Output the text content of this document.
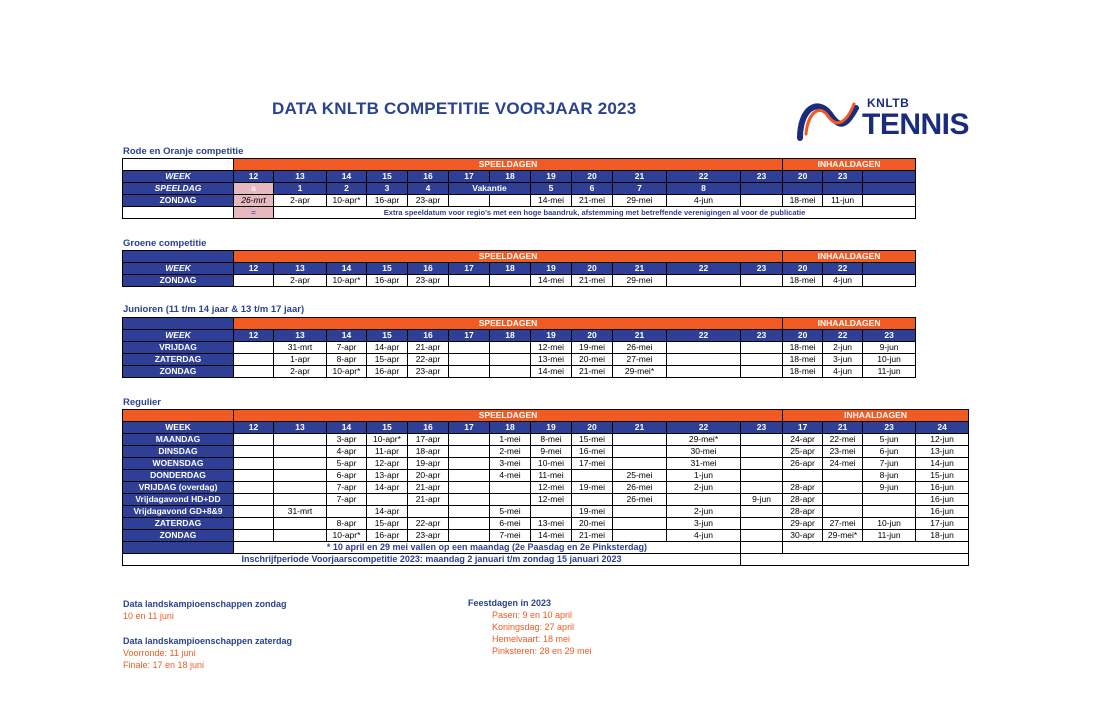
DATA KNLTB COMPETITIE VOORJAAR 2023	KNLTB
TENNIS
Rode en Oranje competitie
	SPEELDAGEN												INHAALDAGEN		
WEEK	12	13	14	15	16	17	18	19	20	21	22	23	20	23	
SPEELDAG	a	1	2	3	4	Vakantie		5	6	7	8				
ZONDAG	26-mrt	2-apr	10-apr*	16-apr	23-apr			14-mei	21-mei	29-mei	4-jun		18-mei	11-jun	
	=	Extra speeldatum voor regio's met een hoge baandruk, afstemming met betreffende verenigingen al voor de publicatie													
Groene competitie
	SPEELDAGEN												INHAALDAGEN		
WEEK	12	13	14	15	16	17	18	19	20	21	22	23	20	22	
ZONDAG		2-apr	10-apr*	16-apr	23-apr			14-mei	21-mei	29-mei			18-mei	4-jun	
Junioren (11 t/m 14 jaar & 13 t/m 17 jaar)
	SPEELDAGEN												INHAALDAGEN		
WEEK	12	13	14	15	16	17	18	19	20	21	22	23	20	22	23
VRIJDAG		31-mrt	7-apr	14-apr	21-apr			12-mei	19-mei	26-mei			18-mei	2-jun	9-jun
ZATERDAG		1-apr	8-apr	15-apr	22-apr			13-mei	20-mei	27-mei			18-mei	3-jun	10-jun
ZONDAG		2-apr	10-apr*	16-apr	23-apr			14-mei	21-mei	29-mei*			18-mei	4-jun	11-jun
Regulier
	SPEELDAGEN												INHAALDAGEN			
WEEK	12	13	14	15	16	17	18	19	20	21	22	23	17	21	23	24
MAANDAG			3-apr	10-apr*	17-apr		1-mei	8-mei	15-mei		29-mei*		24-apr	22-mei	5-jun	12-jun
DINSDAG			4-apr	11-apr	18-apr		2-mei	9-mei	16-mei		30-mei		25-apr	23-mei	6-jun	13-jun
WOENSDAG			5-apr	12-apr	19-apr		3-mei	10-mei	17-mei		31-mei		26-apr	24-mei	7-jun	14-jun
DONDERDAG			6-apr	13-apr	20-apr		4-mei	11-mei		25-mei	1-jun				8-jun	15-jun
VRIJDAG (overdag)			7-apr	14-apr	21-apr			12-mei	19-mei	26-mei	2-jun		28-apr		9-jun	16-jun
Vrijdagavond HD+DD			7-apr		21-apr			12-mei		26-mei		9-jun	28-apr			16-jun
Vrijdagavond GD+8&9		31-mrt		14-apr			5-mei		19-mei		2-jun		28-apr			16-jun
ZATERDAG			8-apr	15-apr	22-apr		6-mei	13-mei	20-mei		3-jun		29-apr	27-mei	10-jun	17-jun
ZONDAG			10-apr*	16-apr	23-apr		7-mei	14-mei	21-mei		4-jun		30-apr	29-mei*	11-jun	18-jun
	* 10 april en 29 mei vallen op een maandag (2e Paasdag en 2e Pinksterdag)															
Inschrijfperiode Voorjaarscompetitie 2023: maandag 2 januari t/m zondag 15 januari 2023																
Data landskampioenschappen zondag
10 en 11 juni
Data landskampioenschappen zaterdag
Voorronde: 11 juni
Finale: 17 en 18 juni
Feestdagen in 2023
Pasen: 9 en 10 april
Koningsdag: 27 april
Hemelvaart: 18 mei
Pinksteren: 28 en 29 mei
